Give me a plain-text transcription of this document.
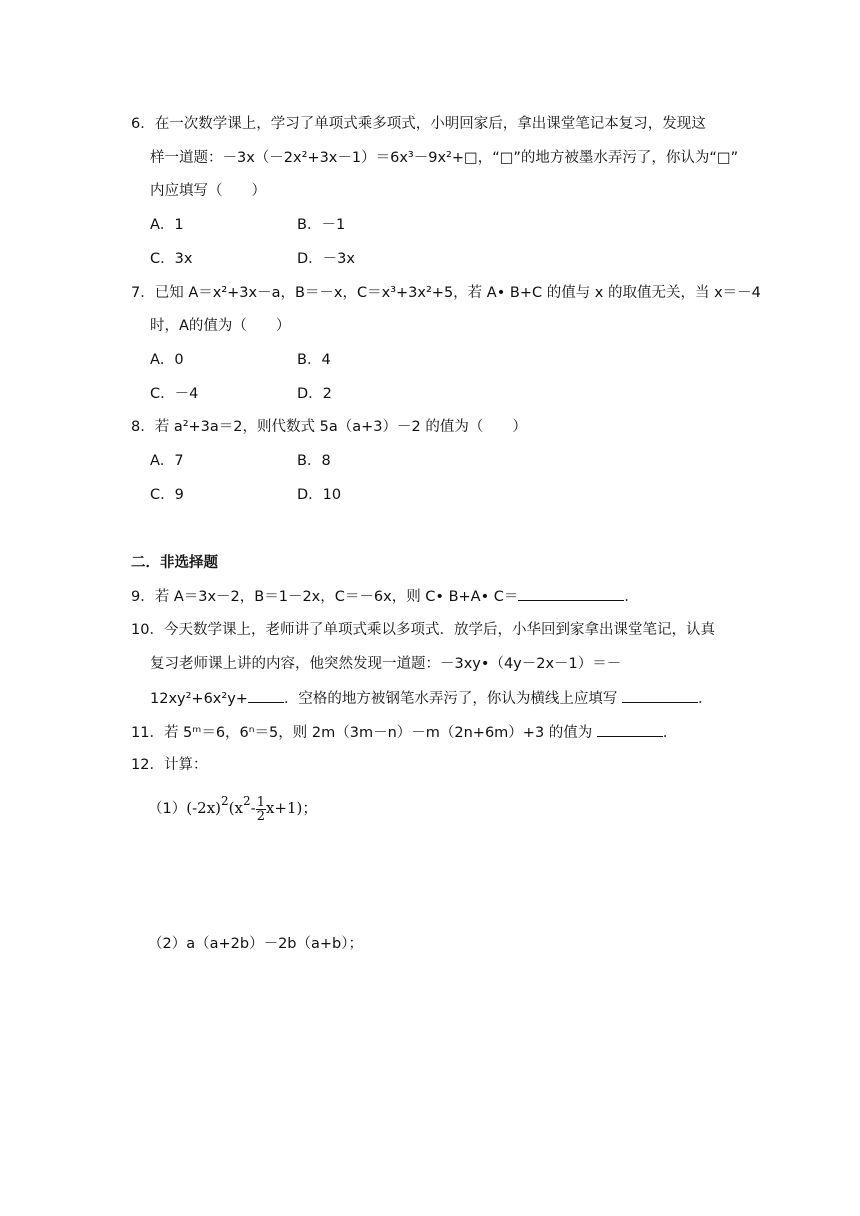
6．在一次数学课上，学习了单项式乘多项式，小明回家后，拿出课堂笔记本复习，发现这
样一道题：－3x（－2x²+3x－1）＝6x³－9x²+□，“□”的地方被墨水弄污了，你认为“□”
内应填写（　　）
A．1	B．－1
C．3x	D．－3x
7．已知 A＝x²+3x－a，B＝－x，C＝x³+3x²+5，若 A• B+C 的值与 x 的取值无关，当 x＝－4
时，A的值为（　　）
A．0	B．4
C．－4	D．2
8．若 a²+3a＝2，则代数式 5a（a+3）－2 的值为（　　）
A．7	B．8
C．9	D．10
二．非选择题
9．若 A＝3x－2，B＝1－2x，C＝－6x，则 C• B+A• C＝	．
10．今天数学课上，老师讲了单项式乘以多项式．放学后，小华回到家拿出课堂笔记，认真
复习老师课上讲的内容，他突然发现一道题：－3xy•（4y－2x－1）＝－
12xy²+6x²y+ ．空格的地方被钢笔水弄污了，你认为横线上应填写	．
11．若 5ᵐ＝6，6ⁿ＝5，则 2m（3m－n）－m（2n+6m）+3 的值为	．
12．计算：
$(1)(-2x)^2(x^2- \frac{1}{2} x+1)$；
（2）a（a+2b）－2b（a+b）；
